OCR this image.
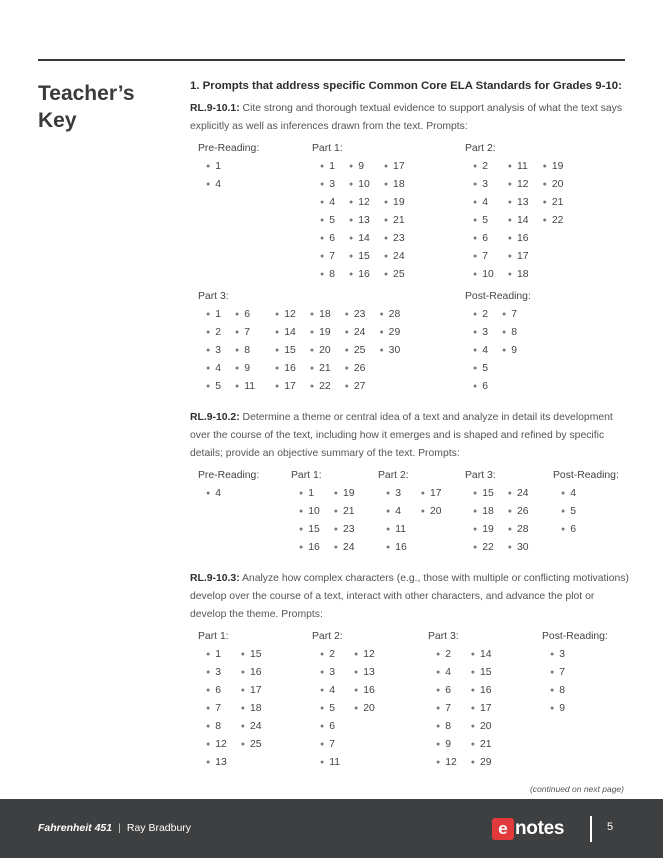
Teacher’s Key
1. Prompts that address specific Common Core ELA Standards for Grades 9-10:

RL.9-10.1: Cite strong and thorough textual evidence to support analysis of what the text says explicitly as well as inferences drawn from the text. Prompts:

Pre-Reading:
● 1
● 4
Part 1:
● 1
● 3
● 4
● 5
● 6
● 7
● 8
● 9
● 10
● 12
● 13
● 14
● 15
● 16
● 17
● 18
● 19
● 21
● 23
● 24
● 25
Part 2:
● 2
● 3
● 4
● 5
● 6
● 7
● 10
● 11
● 12
● 13
● 14
● 16
● 17
● 18
● 19
● 20
● 21
● 22
Part 3:
● 1
● 2
● 3
● 4
● 5
● 6
● 7
● 8
● 9
● 11
● 12
● 14
● 15
● 16
● 17
● 18
● 19
● 20
● 21
● 22
● 23
● 24
● 25
● 26
● 27
● 28
● 29
● 30
Post-Reading:
● 2
● 3
● 4
● 5
● 6
● 7
● 8
● 9

RL.9-10.2: Determine a theme or central idea of a text and analyze in detail its development over the course of the text, including how it emerges and is shaped and refined by specific details; provide an objective summary of the text. Prompts:

Pre-Reading:
● 4
Part 1:
● 1
● 10
● 15
● 16
● 19
● 21
● 23
● 24
Part 2:
● 3
● 4
● 11
● 16
● 17
● 20
Part 3:
● 15
● 18
● 19
● 22
● 24
● 26
● 28
● 30
Post-Reading:
● 4
● 5
● 6

RL.9-10.3: Analyze how complex characters (e.g., those with multiple or conflicting motivations) develop over the course of a text, interact with other characters, and advance the plot or develop the theme. Prompts:

Part 1:
● 1
● 3
● 6
● 7
● 8
● 12
● 13
● 15
● 16
● 17
● 18
● 24
● 25
Part 2:
● 2
● 3
● 4
● 5
● 6
● 7
● 11
● 12
● 13
● 16
● 20
Part 3:
● 2
● 4
● 6
● 7
● 8
● 9
● 12
● 14
● 15
● 16
● 17
● 20
● 21
● 29
Post-Reading:
● 3
● 7
● 8
● 9
(continued on next page)
Fahrenheit 451 | Ray Bradbury	e notes	5
